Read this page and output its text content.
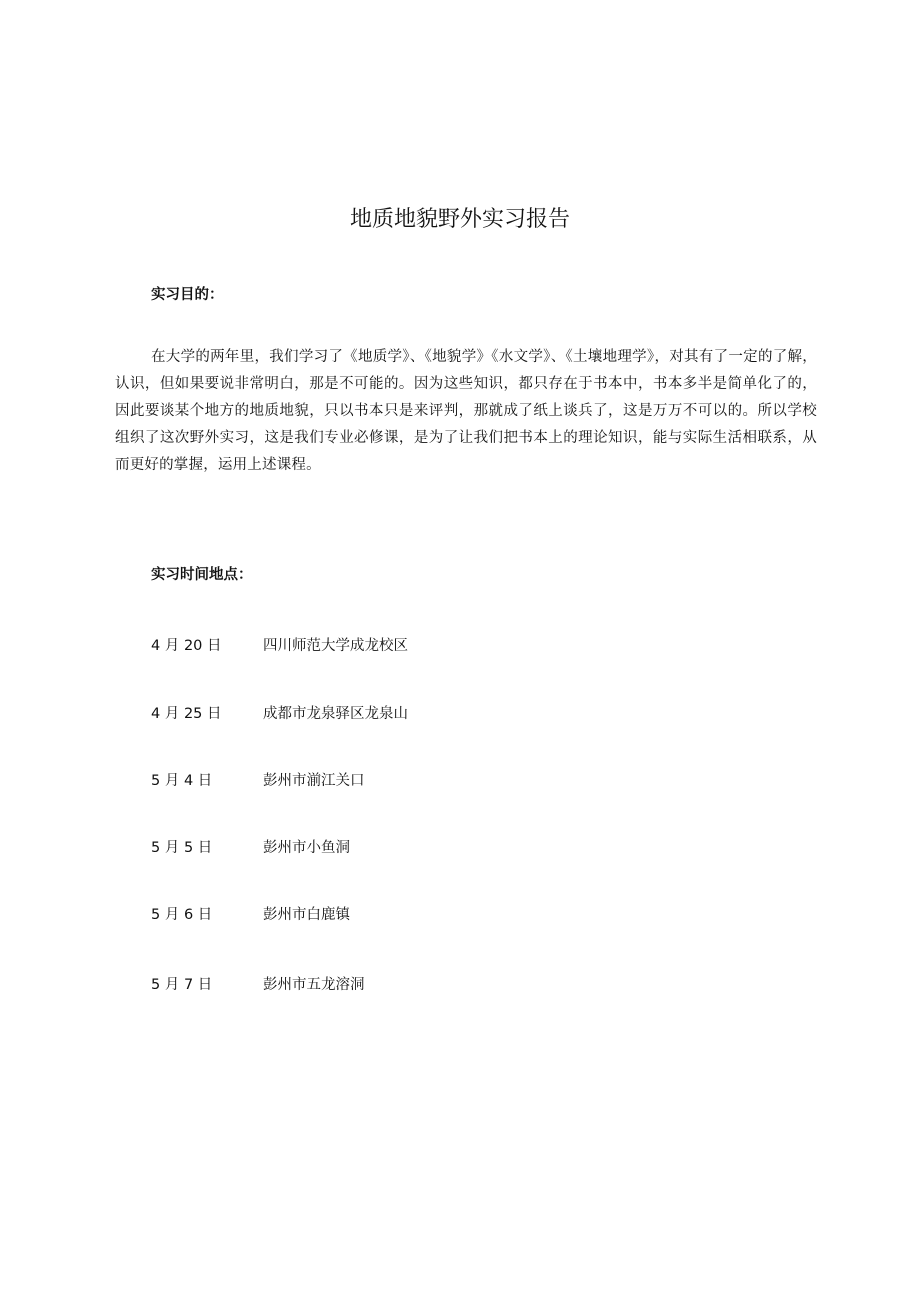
地质地貌野外实习报告
实习目的：
在大学的两年里，我们学习了《地质学》、《地貌学》《水文学》、《土壤地理学》，对其有了一定的了解，认识，但如果要说非常明白，那是不可能的。因为这些知识，都只存在于书本中，书本多半是简单化了的，因此要谈某个地方的地质地貌，只以书本只是来评判，那就成了纸上谈兵了，这是万万不可以的。所以学校组织了这次野外实习，这是我们专业必修课，是为了让我们把书本上的理论知识，能与实际生活相联系，从而更好的掌握，运用上述课程。
实习时间地点：
4 月 20 日	四川师范大学成龙校区
4 月 25 日	成都市龙泉驿区龙泉山
5 月 4 日	彭州市湔江关口
5 月 5 日	彭州市小鱼洞
5 月 6 日	彭州市白鹿镇
5 月 7 日	彭州市五龙溶洞
